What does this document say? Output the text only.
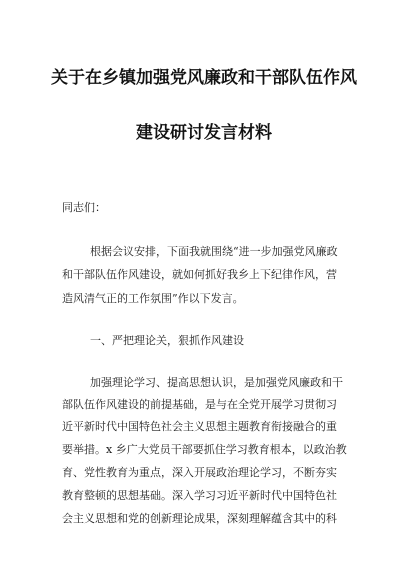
关于在乡镇加强党风廉政和干部队伍作风
建设研讨发言材料
同志们：
根据会议安排，下面我就围绕“进一步加强党风廉政
和干部队伍作风建设，就如何抓好我乡上下纪律作风，营
造风清气正的工作氛围”作以下发言。
一、严把理论关，狠抓作风建设
加强理论学习、提高思想认识，是加强党风廉政和干
部队伍作风建设的前提基础，是与在全党开展学习贯彻习
近平新时代中国特色社会主义思想主题教育衔接融合的重
要举措。x 乡广大党员干部要抓住学习教育根本，以政治教
育、党性教育为重点，深入开展政治理论学习，不断夯实
教育整顿的思想基础。深入学习习近平新时代中国特色社
会主义思想和党的创新理论成果，深刻理解蕴含其中的科
